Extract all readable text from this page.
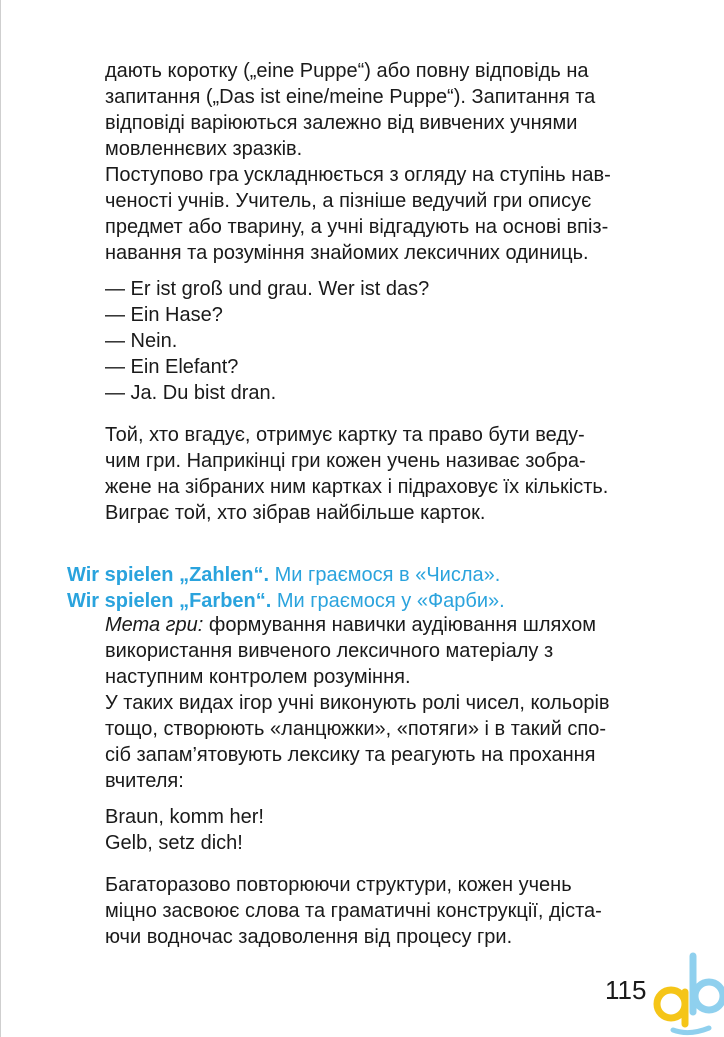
дають коротку („eine Puppe“) або повну відповідь на
запитання („Das ist eine/meine Puppe“). Запитання та
відповіді варіюються залежно від вивчених учнями
мовленнєвих зразків.

Поступово гра ускладнюється з огляду на ступінь нав-
ченості учнів. Учитель, а пізніше ведучий гри описує
предмет або тварину, а учні відгадують на основі впіз-
навання та розуміння знайомих лексичних одиниць.

— Er ist groß und grau. Wer ist das?
— Ein Hase?
— Nein.
— Ein Elefant?
— Ja. Du bist dran.

Той, хто вгадує, отримує картку та право бути веду-
чим гри. Наприкінці гри кожен учень називає зобра-
жене на зібраних ним картках і підраховує їх кількість.
Виграє той, хто зібрав найбільше карток.

Wir spielen „Zahlen“. Ми граємося в «Числа».
Wir spielen „Farben“. Ми граємося у «Фарби».

Мета гри: формування навички аудіювання шляхом
використання вивченого лексичного матеріалу з
наступним контролем розуміння.

У таких видах ігор учні виконують ролі чисел, кольорів
тощо, створюють «ланцюжки», «потяги» і в такий спо-
сіб запам’ятовують лексику та реагують на прохання
вчителя:

Braun, komm her!
Gelb, setz dich!

Багаторазово повторюючи структури, кожен учень
міцно засвоює слова та граматичні конструкції, діста-
ючи водночас задоволення від процесу гри.

115
